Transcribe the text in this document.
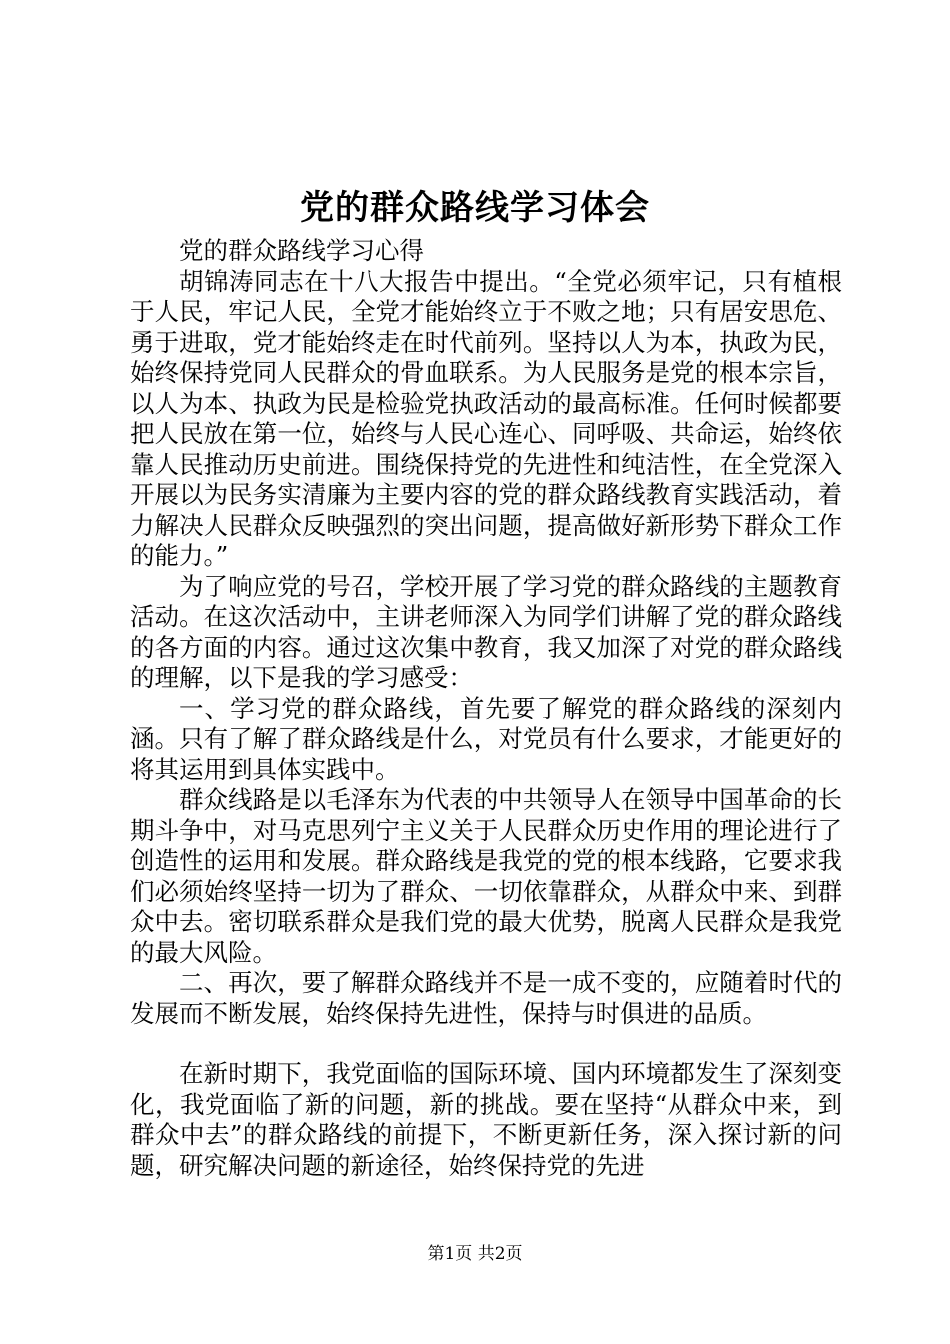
党的群众路线学习体会

党的群众路线学习心得

胡锦涛同志在十八大报告中提出。“全党必须牢记，只有植根于人民，牢记人民，全党才能始终立于不败之地；只有居安思危、勇于进取，党才能始终走在时代前列。坚持以人为本，执政为民，始终保持党同人民群众的骨血联系。为人民服务是党的根本宗旨，以人为本、执政为民是检验党执政活动的最高标准。任何时候都要把人民放在第一位，始终与人民心连心、同呼吸、共命运，始终依靠人民推动历史前进。围绕保持党的先进性和纯洁性，在全党深入开展以为民务实清廉为主要内容的党的群众路线教育实践活动，着力解决人民群众反映强烈的突出问题，提高做好新形势下群众工作的能力。”

为了响应党的号召，学校开展了学习党的群众路线的主题教育活动。在这次活动中，主讲老师深入为同学们讲解了党的群众路线的各方面的内容。通过这次集中教育，我又加深了对党的群众路线的理解，以下是我的学习感受：

一、学习党的群众路线，首先要了解党的群众路线的深刻内涵。只有了解了群众路线是什么，对党员有什么要求，才能更好的将其运用到具体实践中。

群众线路是以毛泽东为代表的中共领导人在领导中国革命的长期斗争中，对马克思列宁主义关于人民群众历史作用的理论进行了创造性的运用和发展。群众路线是我党的党的根本线路，它要求我们必须始终坚持一切为了群众、一切依靠群众，从群众中来、到群众中去。密切联系群众是我们党的最大优势，脱离人民群众是我党的最大风险。

二、再次，要了解群众路线并不是一成不变的，应随着时代的发展而不断发展，始终保持先进性，保持与时俱进的品质。

在新时期下，我党面临的国际环境、国内环境都发生了深刻变化，我党面临了新的问题，新的挑战。要在坚持“从群众中来，到群众中去”的群众路线的前提下，不断更新任务，深入探讨新的问题，研究解决问题的新途径，始终保持党的先进

第1页 共2页
